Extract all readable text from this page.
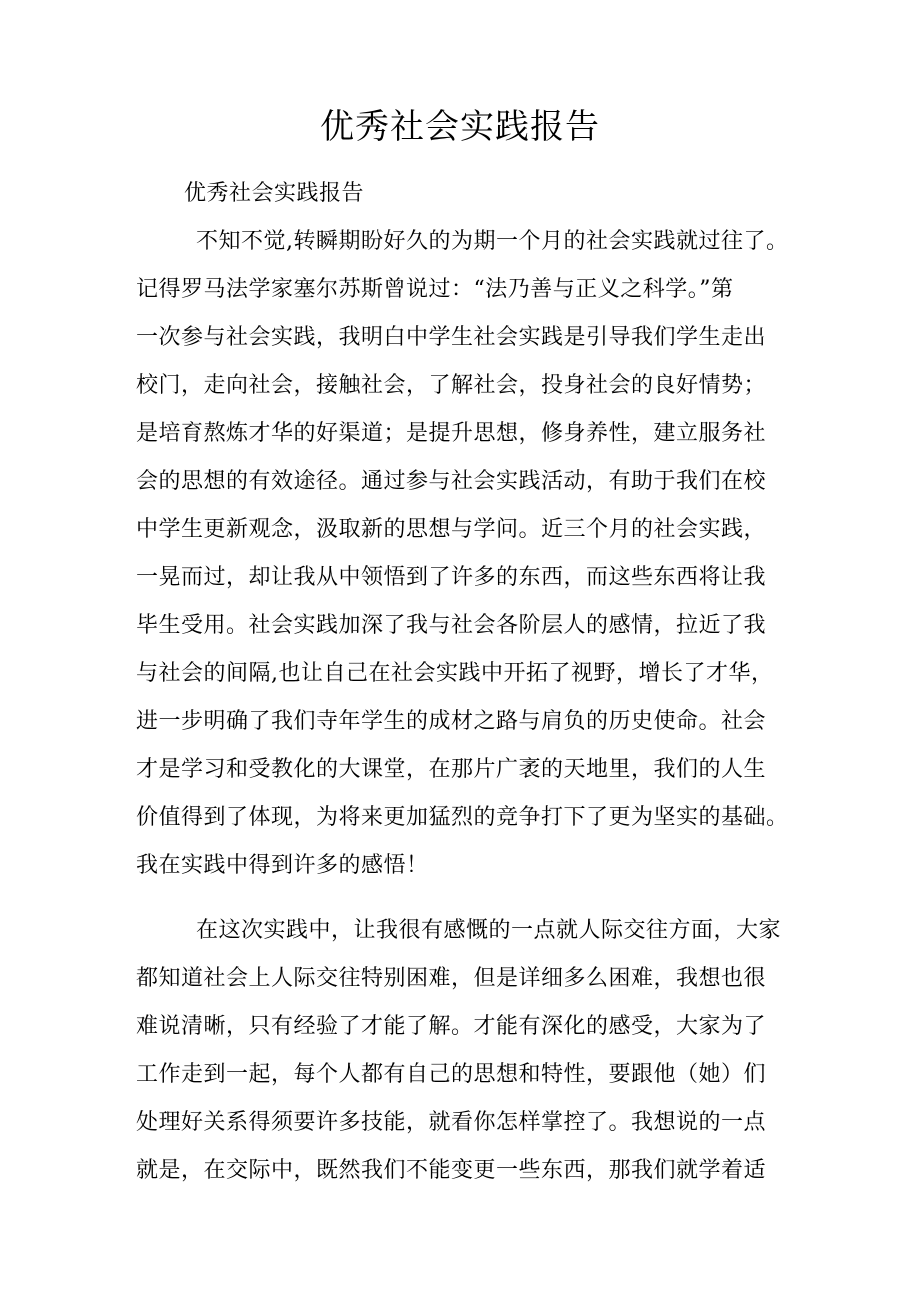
优秀社会实践报告
优秀社会实践报告
不知不觉,转瞬期盼好久的为期一个月的社会实践就过往了。
记得罗马法学家塞尔苏斯曾说过：“法乃善与正义之科学。”第
一次参与社会实践，我明白中学生社会实践是引导我们学生走出
校门，走向社会，接触社会，了解社会，投身社会的良好情势；
是培育熬炼才华的好渠道；是提升思想，修身养性，建立服务社
会的思想的有效途径。通过参与社会实践活动，有助于我们在校
中学生更新观念，汲取新的思想与学问。近三个月的社会实践，
一晃而过，却让我从中领悟到了许多的东西，而这些东西将让我
毕生受用。社会实践加深了我与社会各阶层人的感情，拉近了我
与社会的间隔,也让自己在社会实践中开拓了视野，增长了才华，
进一步明确了我们寺年学生的成材之路与肩负的历史使命。社会
才是学习和受教化的大课堂，在那片广袤的天地里，我们的人生
价值得到了体现，为将来更加猛烈的竞争打下了更为坚实的基础。
我在实践中得到许多的感悟！
在这次实践中，让我很有感慨的一点就人际交往方面，大家
都知道社会上人际交往特别困难，但是详细多么困难，我想也很
难说清晰，只有经验了才能了解。才能有深化的感受，大家为了
工作走到一起，每个人都有自己的思想和特性，要跟他（她）们
处理好关系得须要许多技能，就看你怎样掌控了。我想说的一点
就是，在交际中，既然我们不能变更一些东西，那我们就学着适
